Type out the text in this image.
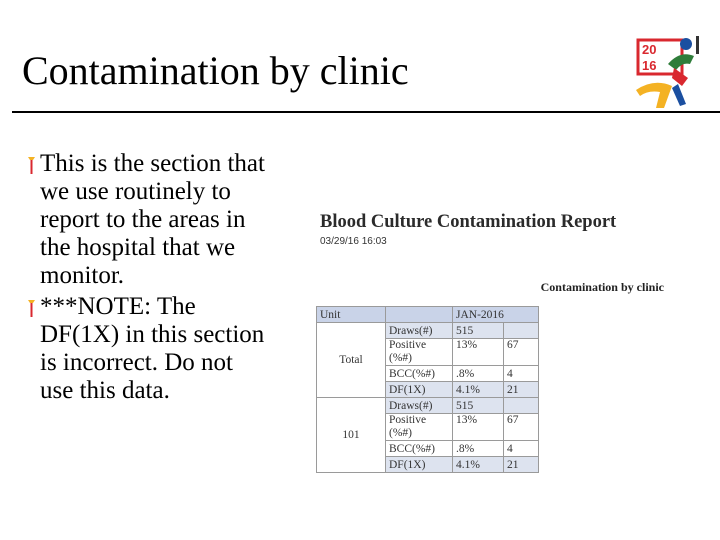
Contamination by clinic	20
16
This is the section that
we use routinely to
report to the areas in
the hospital that we
monitor.
***NOTE: The
DF(1X) in this section
is incorrect. Do not
use this data.
Blood Culture Contamination Report
03/29/16 16:03
Contamination by clinic
Unit		JAN-2016	
Total	Draws(#)	515	
	Positive
(%#)	13%	67
	BCC(%#)	.8%	4
	DF(1X)	4.1%	21
101	Draws(#)	515	
	Positive
(%#)	13%	67
	BCC(%#)	.8%	4
	DF(1X)	4.1%	21
